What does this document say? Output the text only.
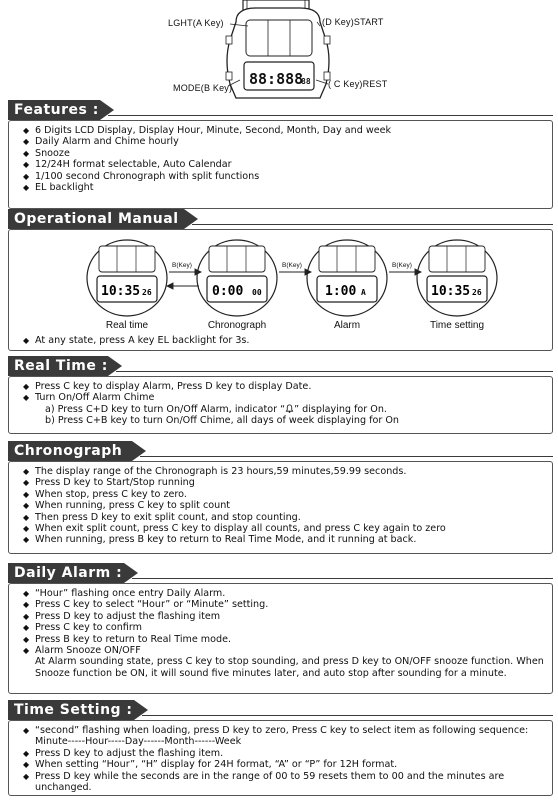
88:888
88
LGHT(A Key)	(D Key)START
MODE(B Key)	( C Key)REST
Features :
◆ 6 Digits LCD Display, Display Hour, Minute, Second, Month, Day and week
◆ Daily Alarm and Chime hourly
◆ Snooze
◆ 12/24H format selectable, Auto Calendar
◆ 1/100 second Chronograph with split functions
◆ EL backlight
Operational Manual :
10:35 26	0:00 00	1:00 A	10:35 26
B(Key)	B(Key)	B(Key)
Real time	Chronograph	Alarm	Time setting
◆ At any state, press A key EL backlight for 3s.
Real Time :
◆ Press C key to display Alarm, Press D key to display Date.
◆ Turn On/Off Alarm Chime
a) Press C+D key to turn On/Off Alarm, indicator “ ” displaying for On.
b) Press C+B key to turn On/Off Chime, all days of week displaying for On
Chronograph :
◆	The display range of the Chronograph is 23 hours,59 minutes,59.99 seconds.
◆ Press D key to Start/Stop running
◆ When stop, press C key to zero.
◆ When running, press C key to split count
◆ Then press D key to exit split count, and stop counting.
◆ When exit split count, press C key to display all counts, and press C key again to zero
◆ When running, press B key to return to Real Time Mode, and it running at back.
Daily Alarm :
◆ “Hour” flashing once entry Daily Alarm.
◆ Press C key to select “Hour” or “Minute” setting.
◆ Press D key to adjust the flashing item
◆ Press C key to confirm
◆ Press B key to return to Real Time mode.
◆ Alarm Snooze ON/OFF
At Alarm sounding state, press C key to stop sounding, and press D key to ON/OFF snooze function. When Snooze function be ON, it will sound five minutes later, and auto stop after sounding for a minute.
Time Setting :
◆ “second” flashing when loading, press D key to zero, Press C key to select item as following sequence: Minute-----Hour-----Day------Month------Week
◆ Press D key to adjust the flashing item.
◆ When setting “Hour”, “H” display for 24H format, “A” or “P” for 12H format.
◆ Press D key while the seconds are in the range of 00 to 59 resets them to 00 and the minutes are unchanged.
